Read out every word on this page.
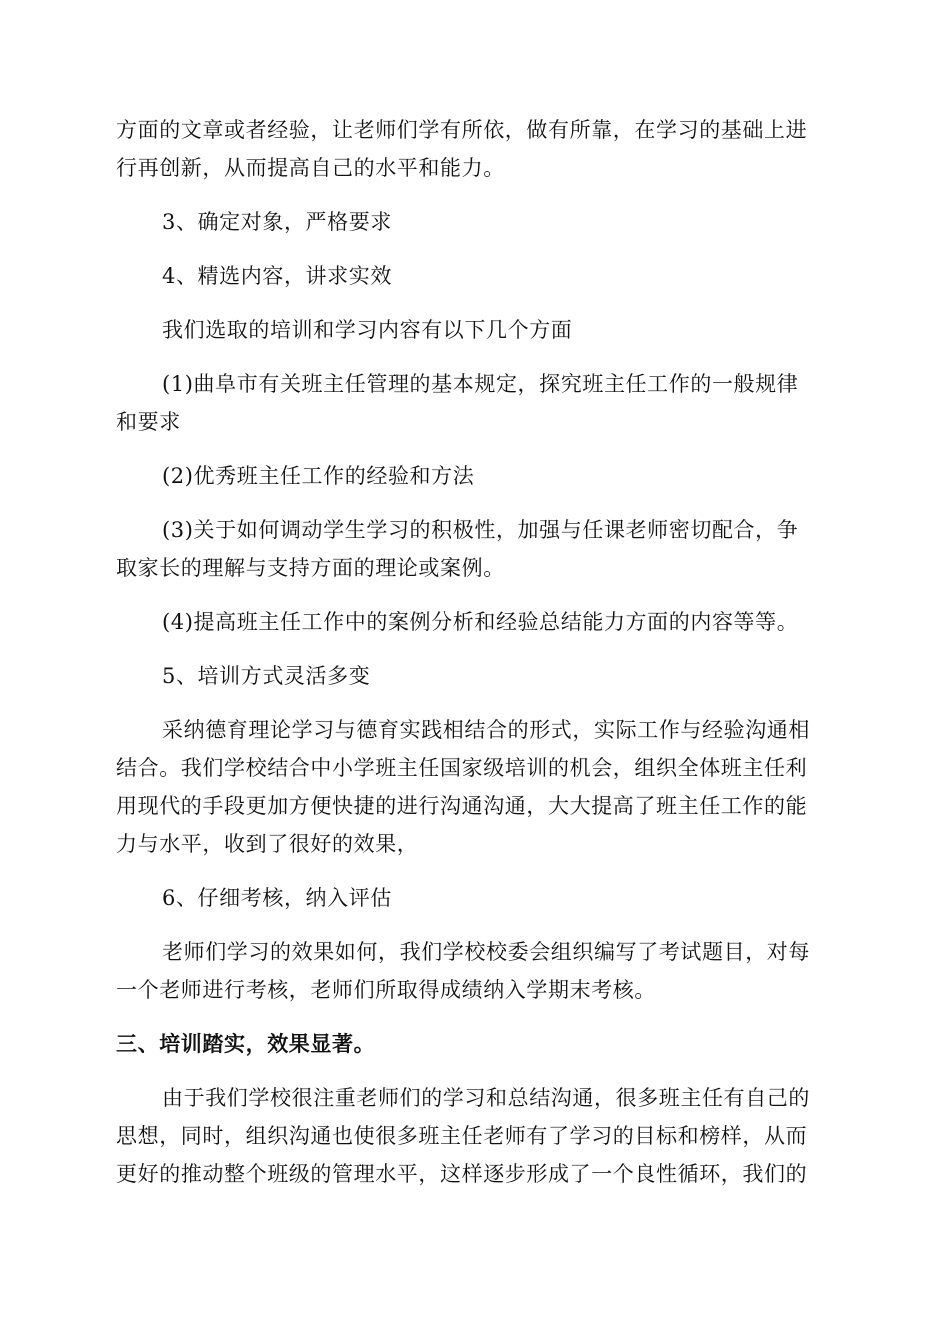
方面的文章或者经验，让老师们学有所依，做有所靠，在学习的基础上进
行再创新，从而提高自己的水平和能力。
3、确定对象，严格要求
4、精选内容，讲求实效
我们选取的培训和学习内容有以下几个方面
(1)曲阜市有关班主任管理的基本规定，探究班主任工作的一般规律
和要求
(2)优秀班主任工作的经验和方法
(3)关于如何调动学生学习的积极性，加强与任课老师密切配合，争
取家长的理解与支持方面的理论或案例。
(4)提高班主任工作中的案例分析和经验总结能力方面的内容等等。
5、培训方式灵活多变
采纳德育理论学习与德育实践相结合的形式，实际工作与经验沟通相
结合。我们学校结合中小学班主任国家级培训的机会，组织全体班主任利
用现代的手段更加方便快捷的进行沟通沟通，大大提高了班主任工作的能
力与水平，收到了很好的效果，
6、仔细考核，纳入评估
老师们学习的效果如何，我们学校校委会组织编写了考试题目，对每
一个老师进行考核，老师们所取得成绩纳入学期末考核。
三、培训踏实，效果显著。
由于我们学校很注重老师们的学习和总结沟通，很多班主任有自己的
思想，同时，组织沟通也使很多班主任老师有了学习的目标和榜样，从而
更好的推动整个班级的管理水平，这样逐步形成了一个良性循环，我们的
